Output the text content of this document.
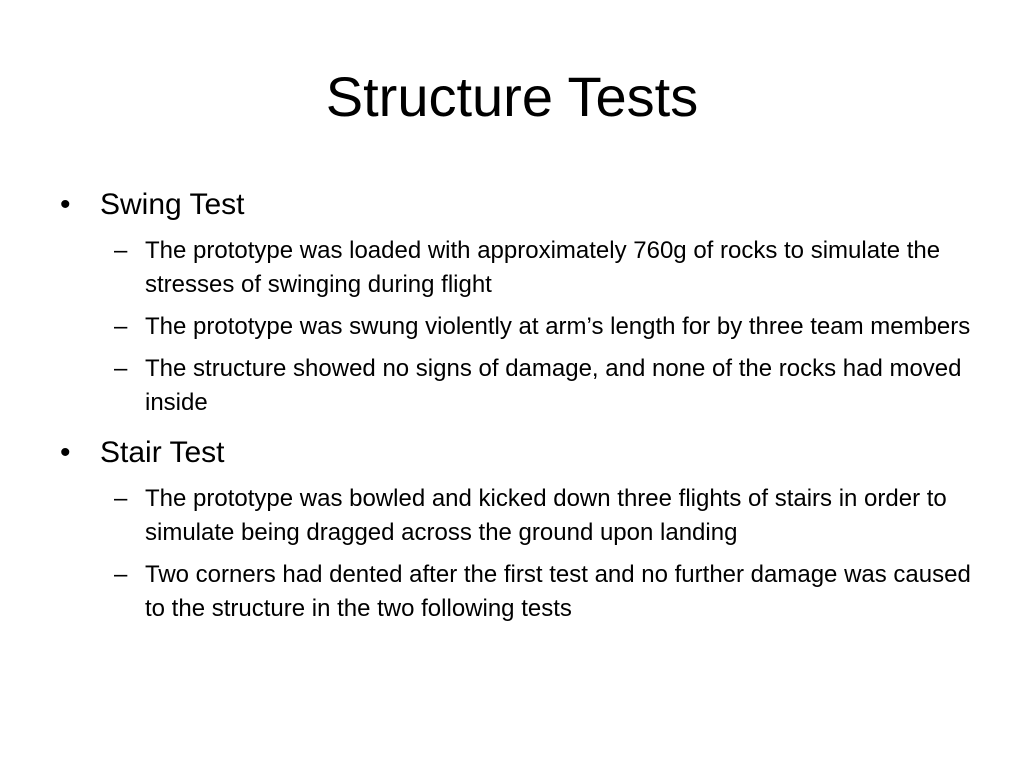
Structure Tests
• Swing Test
– The prototype was loaded with approximately 760g of rocks to simulate the stresses of swinging during flight
– The prototype was swung violently at arm’s length for by three team members
– The structure showed no signs of damage, and none of the rocks had moved inside
• Stair Test
– The prototype was bowled and kicked down three flights of stairs in order to simulate being dragged across the ground upon landing
– Two corners had dented after the first test and no further damage was caused to the structure in the two following tests
